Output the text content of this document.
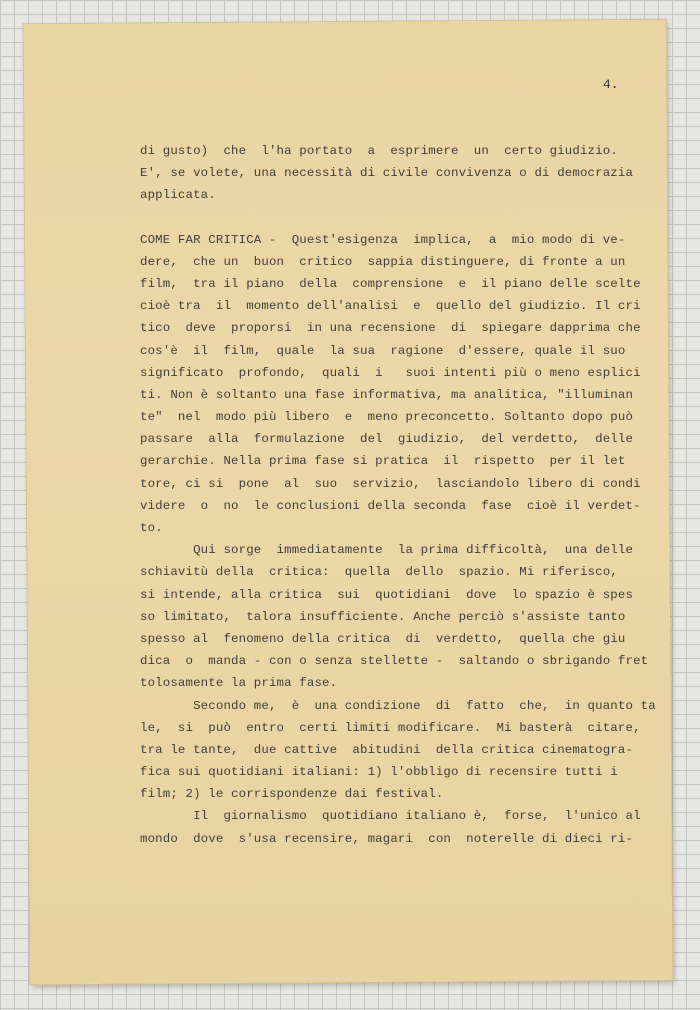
4.
di gusto)  che  l'ha portato  a  esprimere  un  certo giudizio.
E', se volete, una necessità di civile convivenza o di democrazia
applicata.
COME FAR CRITICA -  Quest'esigenza  implica,  a  mio modo di ve-
dere,  che un  buon  critico  sappia distinguere, di fronte a un
film,  tra il piano  della  comprensione  e  il piano delle scelte
cioè tra  il  momento dell'analisi  e  quello del giudizio. Il cri
tico  deve  proporsi  in una recensione  di  spiegare dapprima che
cos'è  il  film,  quale  la sua  ragione  d'essere, quale il suo
significato  profondo,  quali  i   suoi intenti più o meno esplici
ti. Non è soltanto una fase informativa, ma analitica, "illuminan
te"  nel  modo più libero  e  meno preconcetto. Soltanto dopo può
passare  alla  formulazione  del  giudizio,  del verdetto,  delle
gerarchie. Nella prima fase si pratica  il  rispetto  per il let
tore, ci si  pone  al  suo  servizio,  lasciandolo libero di condi
videre  o  no  le conclusioni della seconda  fase  cioè il verdet-
to.
Qui sorge  immediatamente  la prima difficoltà,  una delle
schiavitù della  critica:  quella  dello  spazio. Mi riferisco,
si intende, alla critica  sui  quotidiani  dove  lo spazio è spes
so limitato,  talora insufficiente. Anche perciò s'assiste tanto
spesso al  fenomeno della critica  di  verdetto,  quella che giu
dica  o  manda - con o senza stellette -  saltando o sbrigando fret
tolosamente la prima fase.
Secondo me,  è  una condizione  di  fatto  che,  in quanto ta
le,  si  può  entro  certi limiti modificare.  Mi basterà  citare,
tra le tante,  due cattive  abitudini  della critica cinematogra-
fica sui quotidiani italiani: 1) l'obbligo di recensire tutti i
film; 2) le corrispondenze dai festival.
Il  giornalismo  quotidiano italiano è,  forse,  l'unico al
mondo  dove  s'usa recensire, magari  con  noterelle di dieci ri-
